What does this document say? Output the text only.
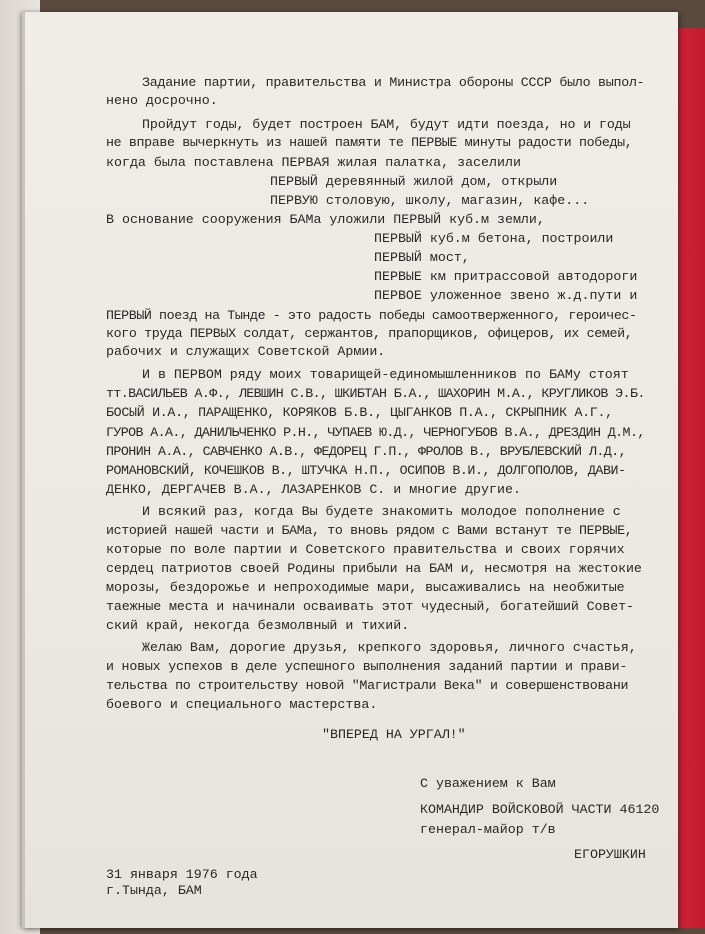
Задание партии, правительства и Министра обороны СССР было выпол-
нено досрочно.
Пройдут годы, будет построен БАМ, будут идти поезда, но и годы
не вправе вычеркнуть из нашей памяти те ПЕРВЫЕ минуты радости победы,
когда была поставлена ПЕРВАЯ жилая палатка, заселили
ПЕРВЫЙ деревянный жилой дом, открыли
ПЕРВУЮ столовую, школу, магазин, кафе...
В основание сооружения БАМа уложили ПЕРВЫЙ куб.м земли,
ПЕРВЫЙ куб.м бетона, построили
ПЕРВЫЙ мост,
ПЕРВЫЕ км притрассовой автодороги
ПЕРВОЕ уложенное звено ж.д.пути и
ПЕРВЫЙ поезд на Тынде - это радость победы самоотверженного, героичес-
кого труда ПЕРВЫХ солдат, сержантов, прапорщиков, офицеров, их семей,
рабочих и служащих Советской Армии.
И в ПЕРВОМ ряду моих товарищей-единомышленников по БАМу стоят
тт.ВАСИЛЬЕВ А.Ф., ЛЕВШИН С.В., ШКИБТАН Б.А., ШАХОРИН М.А., КРУГЛИКОВ Э.Б.
БОСЫЙ И.А., ПАРАЩЕНКО, КОРЯКОВ Б.В., ЦЫГАНКОВ П.А., СКРЫПНИК А.Г.,
ГУРОВ А.А., ДАНИЛЬЧЕНКО Р.Н., ЧУПАЕВ Ю.Д., ЧЕРНОГУБОВ В.А., ДРЕЗДИН Д.М.,
ПРОНИН А.А., САВЧЕНКО А.В., ФЕДОРЕЦ Г.П., ФРОЛОВ В., ВРУБЛЕВСКИЙ Л.Д.,
РОМАНОВСКИЙ, КОЧЕШКОВ В., ШТУЧКА Н.П., ОСИПОВ В.И., ДОЛГОПОЛОВ, ДАВИ-
ДЕНКО, ДЕРГАЧЕВ В.А., ЛАЗАРЕНКОВ С. и многие другие.
И всякий раз, когда Вы будете знакомить молодое пополнение с
историей нашей части и БАМа, то вновь рядом с Вами встанут те ПЕРВЫЕ,
которые по воле партии и Советского правительства и своих горячих
сердец патриотов своей Родины прибыли на БАМ и, несмотря на жестокие
морозы, бездорожье и непроходимые мари, высаживались на необжитые
таежные места и начинали осваивать этот чудесный, богатейший Совет-
ский край, некогда безмолвный и тихий.
Желаю Вам, дорогие друзья, крепкого здоровья, личного счастья,
и новых успехов в деле успешного выполнения заданий партии и прави-
тельства по строительству новой "Магистрали Века" и совершенствовани
боевого и специального мастерства.
"ВПЕРЕД НА УРГАЛ!"
С уважением к Вам
КОМАНДИР ВОЙСКОВОЙ ЧАСТИ 46120
генерал-майор т/в
ЕГОРУШКИН
31 января 1976 года
г.Тында, БАМ
